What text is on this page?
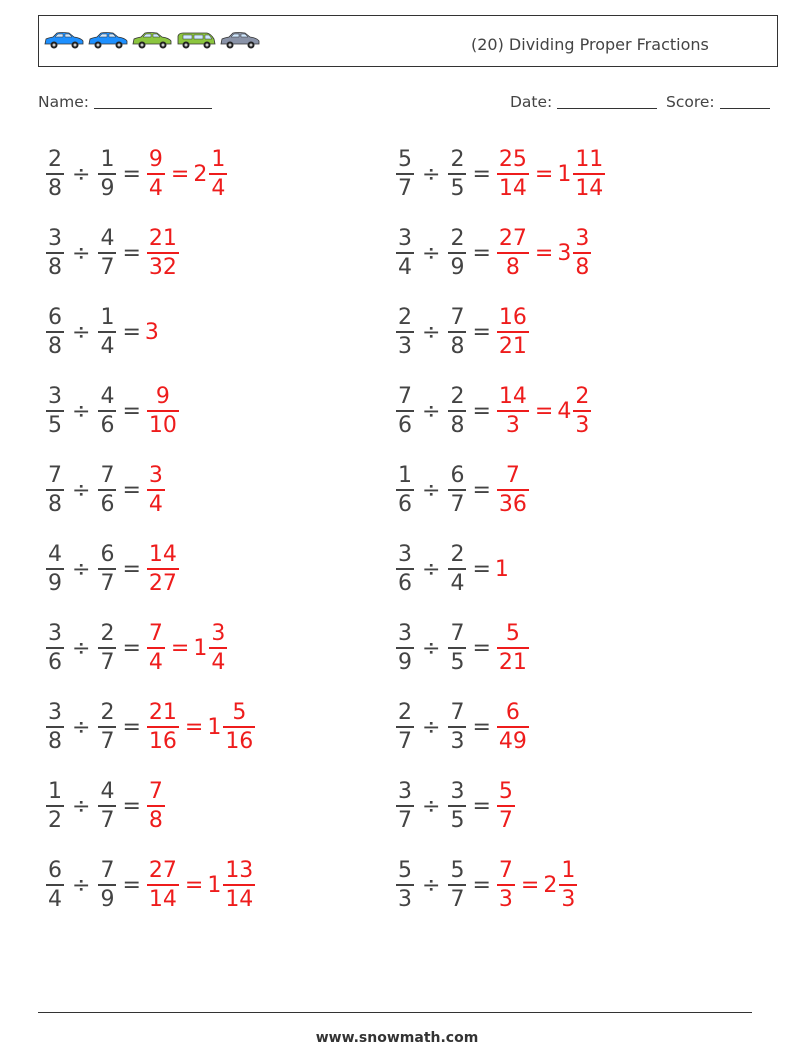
(20) Dividing Proper Fractions
Name:	Date:	Score:
$\frac{2}{8} \div \frac{1}{9} = \frac{9}{4} = 2 \frac{1}{4}$	$\frac{5}{7} \div \frac{2}{5} = \frac{25}{14} = 1 \frac{11}{14}$
$\frac{3}{8} \div \frac{4}{7} = \frac{21}{32}$	$\frac{3}{4} \div \frac{2}{9} = \frac{27}{8} = 3 \frac{3}{8}$
$\frac{6}{8} \div \frac{1}{4} = 3$	$\frac{2}{3} \div \frac{7}{8} = \frac{16}{21}$
$\frac{3}{5} \div \frac{4}{6} = \frac{9}{10}$	$\frac{7}{6} \div \frac{2}{8} = \frac{14}{3} = 4 \frac{2}{3}$
$\frac{7}{8} \div \frac{7}{6} = \frac{3}{4}$	$\frac{1}{6} \div \frac{6}{7} = \frac{7}{36}$
$\frac{4}{9} \div \frac{6}{7} = \frac{14}{27}$	$\frac{3}{6} \div \frac{2}{4} = 1$
$\frac{3}{6} \div \frac{2}{7} = \frac{7}{4} = 1 \frac{3}{4}$	$\frac{3}{9} \div \frac{7}{5} = \frac{5}{21}$
$\frac{3}{8} \div \frac{2}{7} = \frac{21}{16} = 1 \frac{5}{16}$	$\frac{2}{7} \div \frac{7}{3} = \frac{6}{49}$
$\frac{1}{2} \div \frac{4}{7} = \frac{7}{8}$	$\frac{3}{7} \div \frac{3}{5} = \frac{5}{7}$
$\frac{6}{4} \div \frac{7}{9} = \frac{27}{14} = 1 \frac{13}{14}$	$\frac{5}{3} \div \frac{5}{7} = \frac{7}{3} = 2 \frac{1}{3}$
www.snowmath.com
